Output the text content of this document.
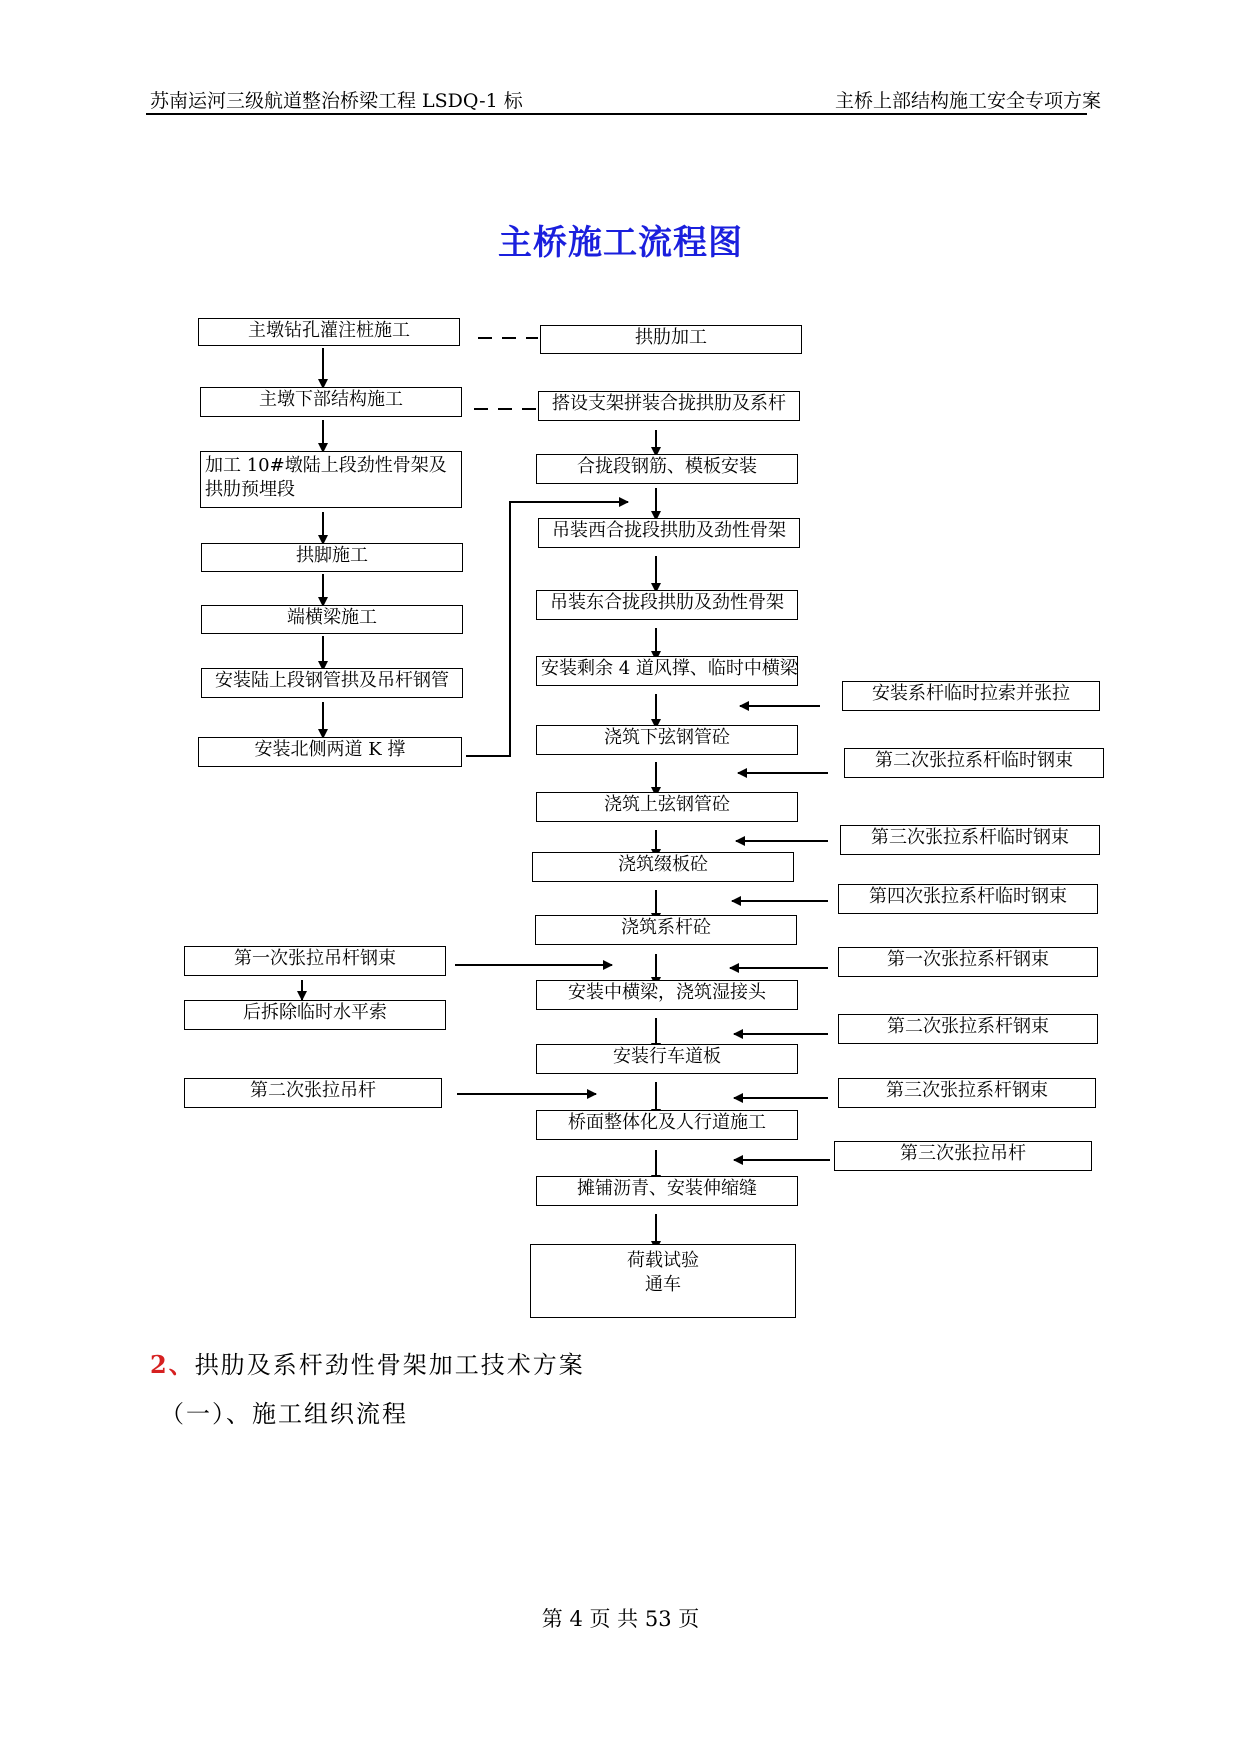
苏南运河三级航道整治桥梁工程 LSDQ-1 标	主桥上部结构施工安全专项方案
主桥施工流程图
主墩钻孔灌注桩施工
主墩下部结构施工
加工 10#墩陆上段劲性骨架及拱肋预埋段
拱脚施工
端横梁施工
安装陆上段钢管拱及吊杆钢管
安装北侧两道 K 撑
拱肋加工
搭设支架拼装合拢拱肋及系杆
合拢段钢筋、模板安装
吊装西合拢段拱肋及劲性骨架
吊装东合拢段拱肋及劲性骨架
安装剩余 4 道风撑、临时中横梁
浇筑下弦钢管砼
浇筑上弦钢管砼
浇筑缀板砼
浇筑系杆砼
安装中横梁，浇筑湿接头
安装行车道板
桥面整体化及人行道施工
摊铺沥青、安装伸缩缝
荷载试验
通车
安装系杆临时拉索并张拉
第二次张拉系杆临时钢束
第三次张拉系杆临时钢束
第四次张拉系杆临时钢束
第一次张拉系杆钢束
第二次张拉系杆钢束
第三次张拉系杆钢束
第三次张拉吊杆
第一次张拉吊杆钢束
后拆除临时水平索
第二次张拉吊杆
2、拱肋及系杆劲性骨架加工技术方案
（一）、施工组织流程
第 4 页 共 53 页
